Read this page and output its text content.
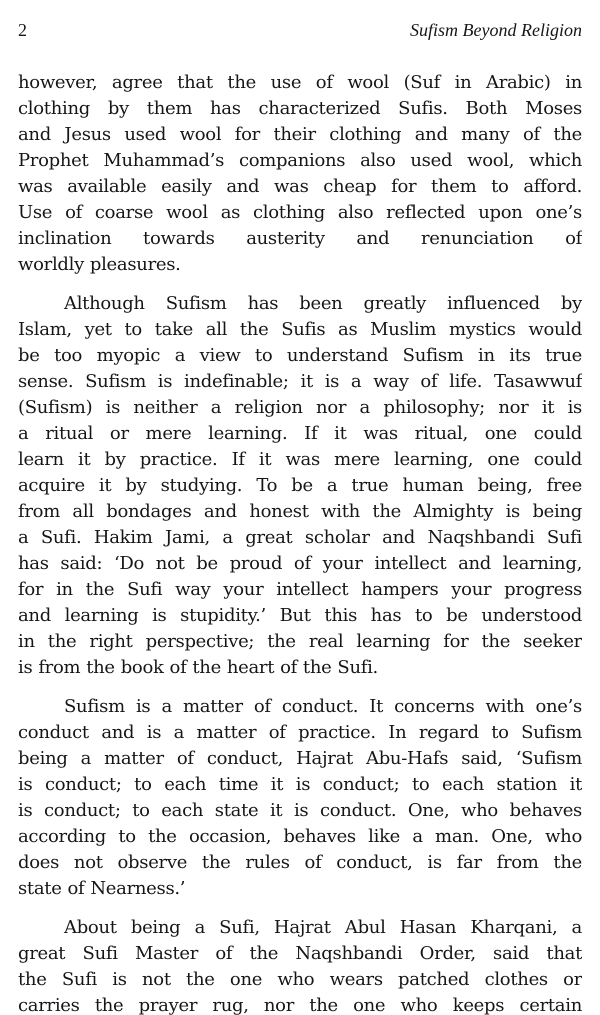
2	Sufism Beyond Religion
however, agree that the use of wool (Suf in Arabic) in
clothing by them has characterized Sufis. Both Moses
and Jesus used wool for their clothing and many of the
Prophet Muhammad’s companions also used wool, which
was available easily and was cheap for them to afford.
Use of coarse wool as clothing also reflected upon one’s
inclination towards austerity and renunciation of
worldly pleasures.
Although Sufism has been greatly influenced by
Islam, yet to take all the Sufis as Muslim mystics would
be too myopic a view to understand Sufism in its true
sense. Sufism is indefinable; it is a way of life. Tasawwuf
(Sufism) is neither a religion nor a philosophy; nor it is
a ritual or mere learning. If it was ritual, one could
learn it by practice. If it was mere learning, one could
acquire it by studying. To be a true human being, free
from all bondages and honest with the Almighty is being
a Sufi. Hakim Jami, a great scholar and Naqshbandi Sufi
has said: ‘Do not be proud of your intellect and learning,
for in the Sufi way your intellect hampers your progress
and learning is stupidity.’ But this has to be understood
in the right perspective; the real learning for the seeker
is from the book of the heart of the Sufi.
Sufism is a matter of conduct. It concerns with one’s
conduct and is a matter of practice. In regard to Sufism
being a matter of conduct, Hajrat Abu-Hafs said, ‘Sufism
is conduct; to each time it is conduct; to each station it
is conduct; to each state it is conduct. One, who behaves
according to the occasion, behaves like a man. One, who
does not observe the rules of conduct, is far from the
state of Nearness.’
About being a Sufi, Hajrat Abul Hasan Kharqani, a
great Sufi Master of the Naqshbandi Order, said that
the Sufi is not the one who wears patched clothes or
carries the prayer rug, nor the one who keeps certain
